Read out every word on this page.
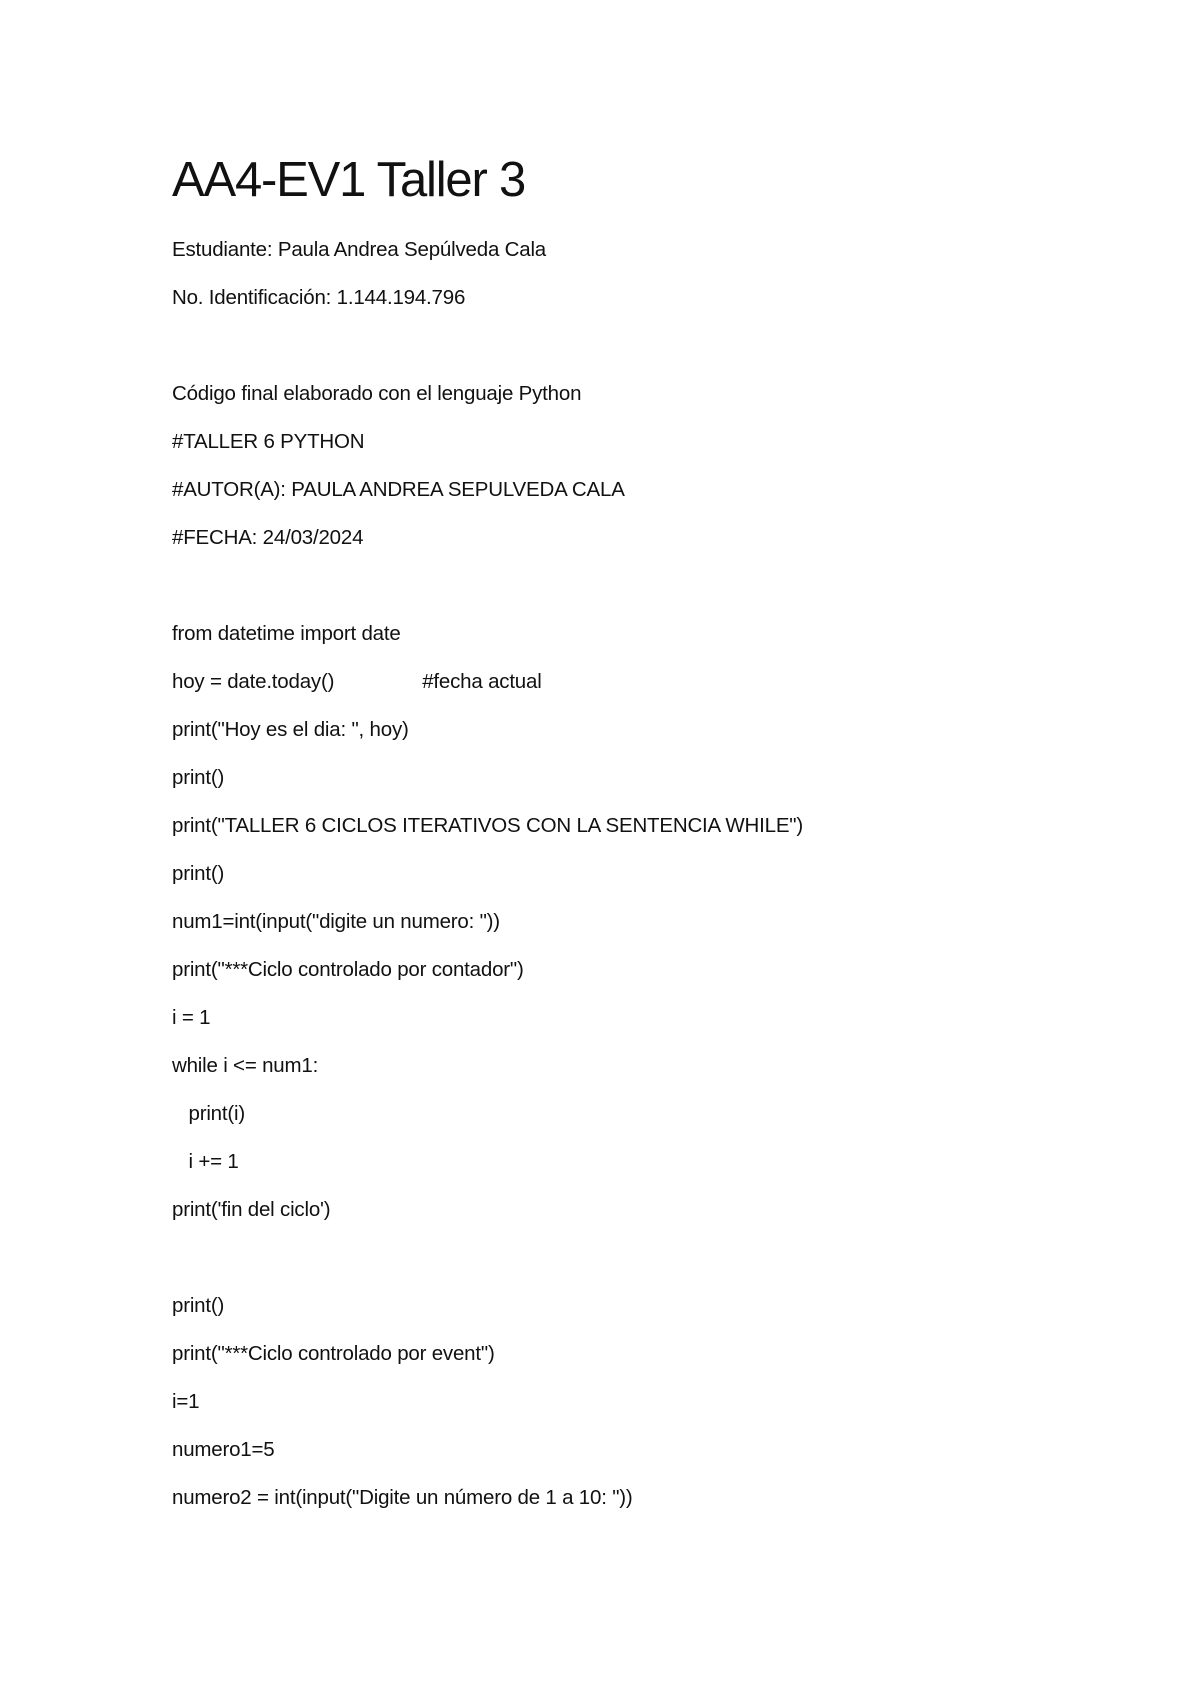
AA4-EV1 Taller 3
Estudiante: Paula Andrea Sepúlveda Cala
No. Identificación: 1.144.194.796
Código final elaborado con el lenguaje Python
#TALLER 6 PYTHON
#AUTOR(A): PAULA ANDREA SEPULVEDA CALA
#FECHA: 24/03/2024
from datetime import date
hoy = date.today()	#fecha actual
print("Hoy es el dia: ", hoy)
print()
print("TALLER 6 CICLOS ITERATIVOS CON LA SENTENCIA WHILE")
print()
num1=int(input("digite un numero: "))
print("***Ciclo controlado por contador")
i = 1
while i <= num1:
print(i)
i += 1
print('fin del ciclo')
print()
print("***Ciclo controlado por event")
i=1
numero1=5
numero2 = int(input("Digite un número de 1 a 10: "))
